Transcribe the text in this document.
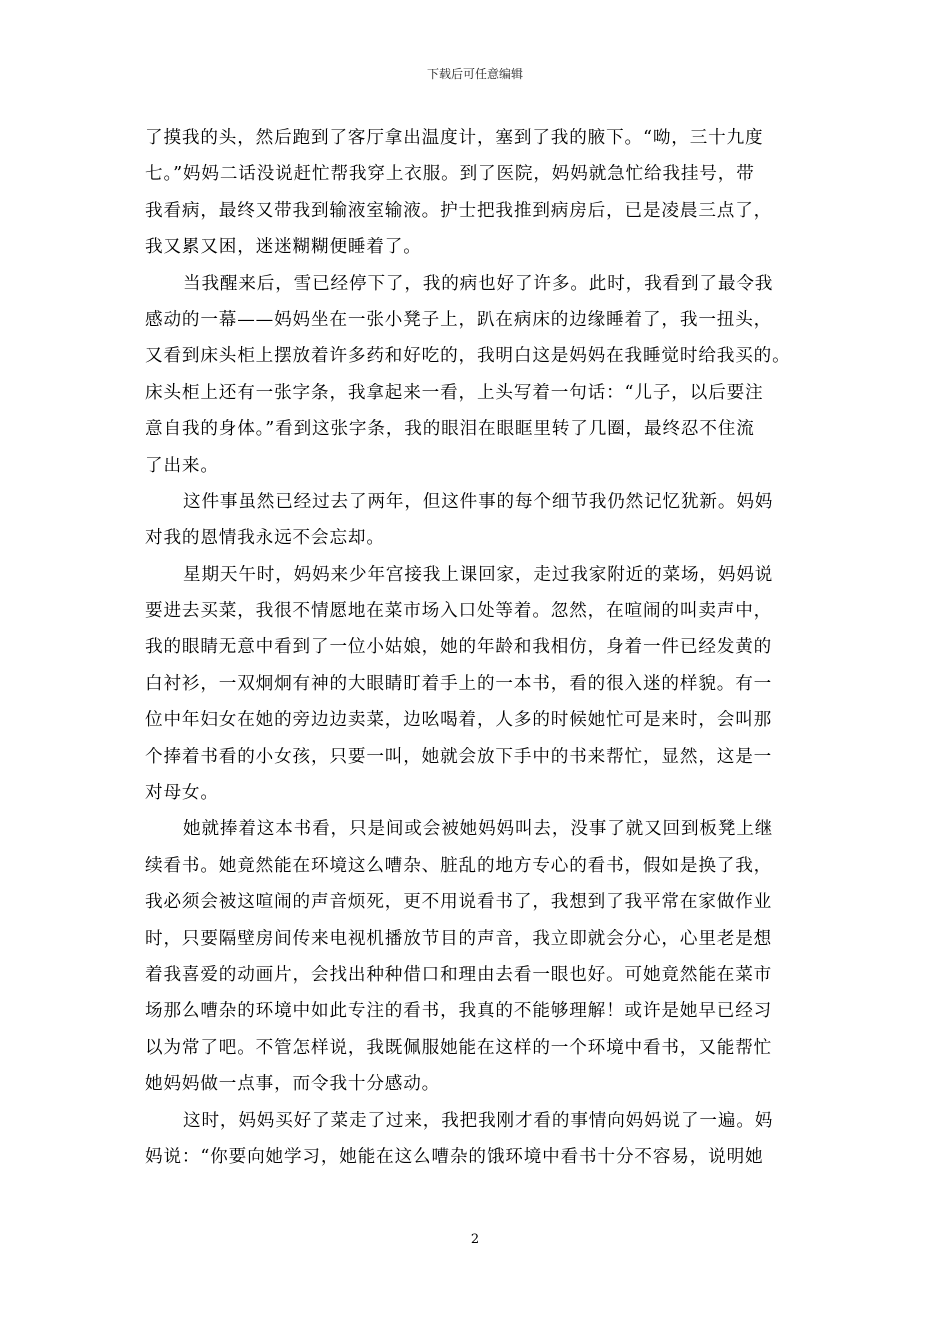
下载后可任意编辑
了摸我的头，然后跑到了客厅拿出温度计，塞到了我的腋下。“呦，三十九度
七。”妈妈二话没说赶忙帮我穿上衣服。到了医院，妈妈就急忙给我挂号，带
我看病，最终又带我到输液室输液。护士把我推到病房后，已是凌晨三点了，
我又累又困，迷迷糊糊便睡着了。
当我醒来后，雪已经停下了，我的病也好了许多。此时，我看到了最令我
感动的一幕——妈妈坐在一张小凳子上，趴在病床的边缘睡着了，我一扭头，
又看到床头柜上摆放着许多药和好吃的，我明白这是妈妈在我睡觉时给我买的。
床头柜上还有一张字条，我拿起来一看，上头写着一句话：“儿子，以后要注
意自我的身体。”看到这张字条，我的眼泪在眼眶里转了几圈，最终忍不住流
了出来。
这件事虽然已经过去了两年，但这件事的每个细节我仍然记忆犹新。妈妈
对我的恩情我永远不会忘却。
星期天午时，妈妈来少年宫接我上课回家，走过我家附近的菜场，妈妈说
要进去买菜，我很不情愿地在菜市场入口处等着。忽然，在喧闹的叫卖声中，
我的眼睛无意中看到了一位小姑娘，她的年龄和我相仿，身着一件已经发黄的
白衬衫，一双炯炯有神的大眼睛盯着手上的一本书，看的很入迷的样貌。有一
位中年妇女在她的旁边边卖菜，边吆喝着，人多的时候她忙可是来时，会叫那
个捧着书看的小女孩，只要一叫，她就会放下手中的书来帮忙，显然，这是一
对母女。
她就捧着这本书看，只是间或会被她妈妈叫去，没事了就又回到板凳上继
续看书。她竟然能在环境这么嘈杂、脏乱的地方专心的看书，假如是换了我，
我必须会被这喧闹的声音烦死，更不用说看书了，我想到了我平常在家做作业
时，只要隔壁房间传来电视机播放节目的声音，我立即就会分心，心里老是想
着我喜爱的动画片，会找出种种借口和理由去看一眼也好。可她竟然能在菜市
场那么嘈杂的环境中如此专注的看书，我真的不能够理解！或许是她早已经习
以为常了吧。不管怎样说，我既佩服她能在这样的一个环境中看书，又能帮忙
她妈妈做一点事，而令我十分感动。
这时，妈妈买好了菜走了过来，我把我刚才看的事情向妈妈说了一遍。妈
妈说：“你要向她学习，她能在这么嘈杂的饿环境中看书十分不容易，说明她
2
